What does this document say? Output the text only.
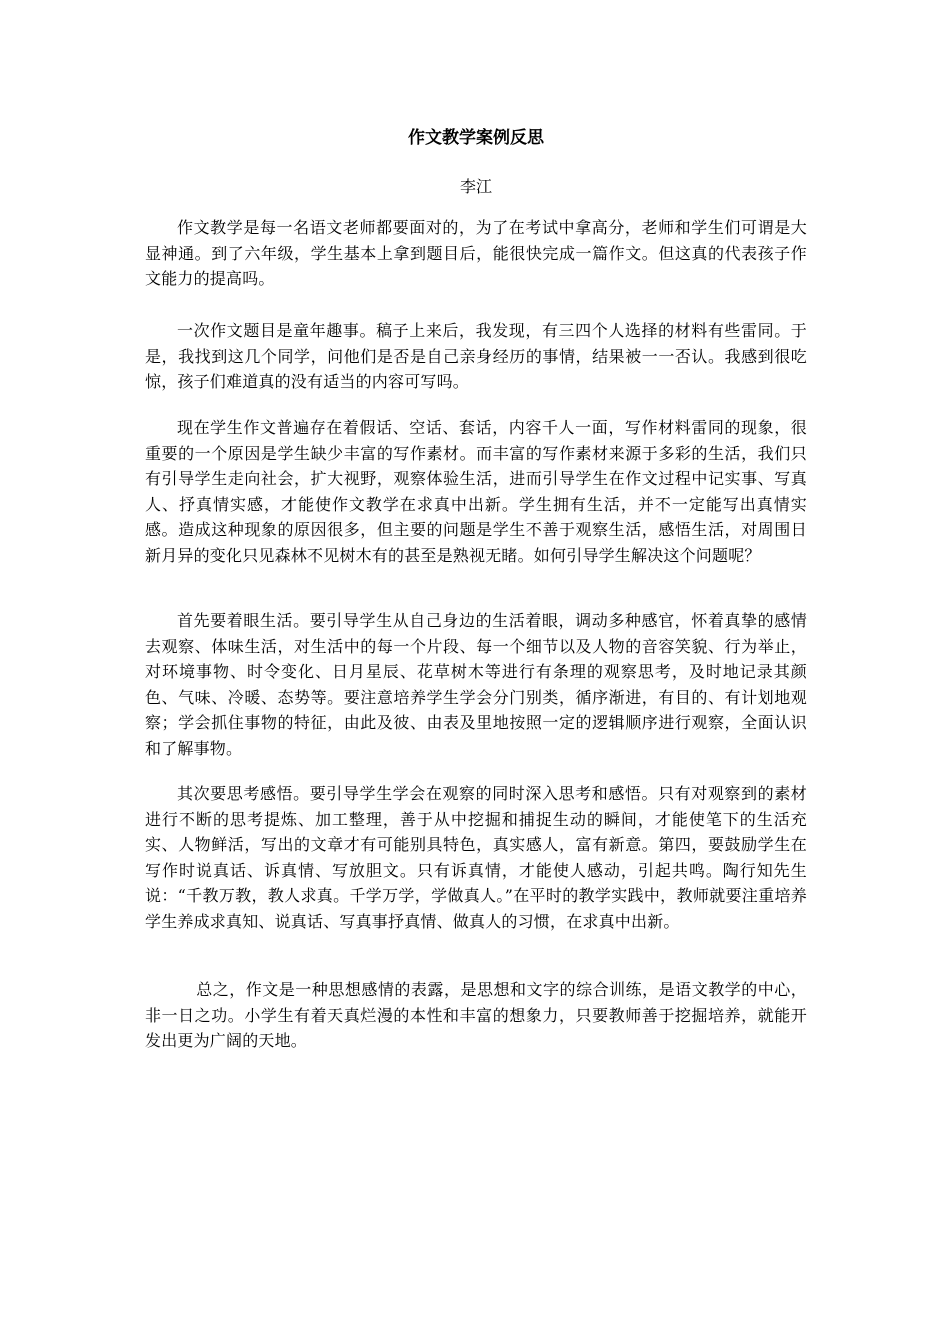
作文教学案例反思

李江

作文教学是每一名语文老师都要面对的，为了在考试中拿高分，老师和学生们可谓是大显神通。到了六年级，学生基本上拿到题目后，能很快完成一篇作文。但这真的代表孩子作文能力的提高吗。

一次作文题目是童年趣事。稿子上来后，我发现，有三四个人选择的材料有些雷同。于是，我找到这几个同学，问他们是否是自己亲身经历的事情，结果被一一否认。我感到很吃惊，孩子们难道真的没有适当的内容可写吗。

现在学生作文普遍存在着假话、空话、套话，内容千人一面，写作材料雷同的现象，很重要的一个原因是学生缺少丰富的写作素材。而丰富的写作素材来源于多彩的生活，我们只有引导学生走向社会，扩大视野，观察体验生活，进而引导学生在作文过程中记实事、写真人、抒真情实感，才能使作文教学在求真中出新。学生拥有生活，并不一定能写出真情实感。造成这种现象的原因很多，但主要的问题是学生不善于观察生活，感悟生活，对周围日新月异的变化只见森林不见树木有的甚至是熟视无睹。如何引导学生解决这个问题呢？

首先要着眼生活。要引导学生从自己身边的生活着眼，调动多种感官，怀着真挚的感情去观察、体味生活，对生活中的每一个片段、每一个细节以及人物的音容笑貌、行为举止，对环境事物、时令变化、日月星辰、花草树木等进行有条理的观察思考，及时地记录其颜色、气味、冷暖、态势等。要注意培养学生学会分门别类，循序渐进，有目的、有计划地观察；学会抓住事物的特征，由此及彼、由表及里地按照一定的逻辑顺序进行观察，全面认识和了解事物。

其次要思考感悟。要引导学生学会在观察的同时深入思考和感悟。只有对观察到的素材进行不断的思考提炼、加工整理，善于从中挖掘和捕捉生动的瞬间，才能使笔下的生活充实、人物鲜活，写出的文章才有可能别具特色，真实感人，富有新意。第四，要鼓励学生在写作时说真话、诉真情、写放胆文。只有诉真情，才能使人感动，引起共鸣。陶行知先生说：“千教万教，教人求真。千学万学，学做真人。”在平时的教学实践中，教师就要注重培养学生养成求真知、说真话、写真事抒真情、做真人的习惯，在求真中出新。

总之，作文是一种思想感情的表露，是思想和文字的综合训练，是语文教学的中心，非一日之功。小学生有着天真烂漫的本性和丰富的想象力，只要教师善于挖掘培养，就能开发出更为广阔的天地。
